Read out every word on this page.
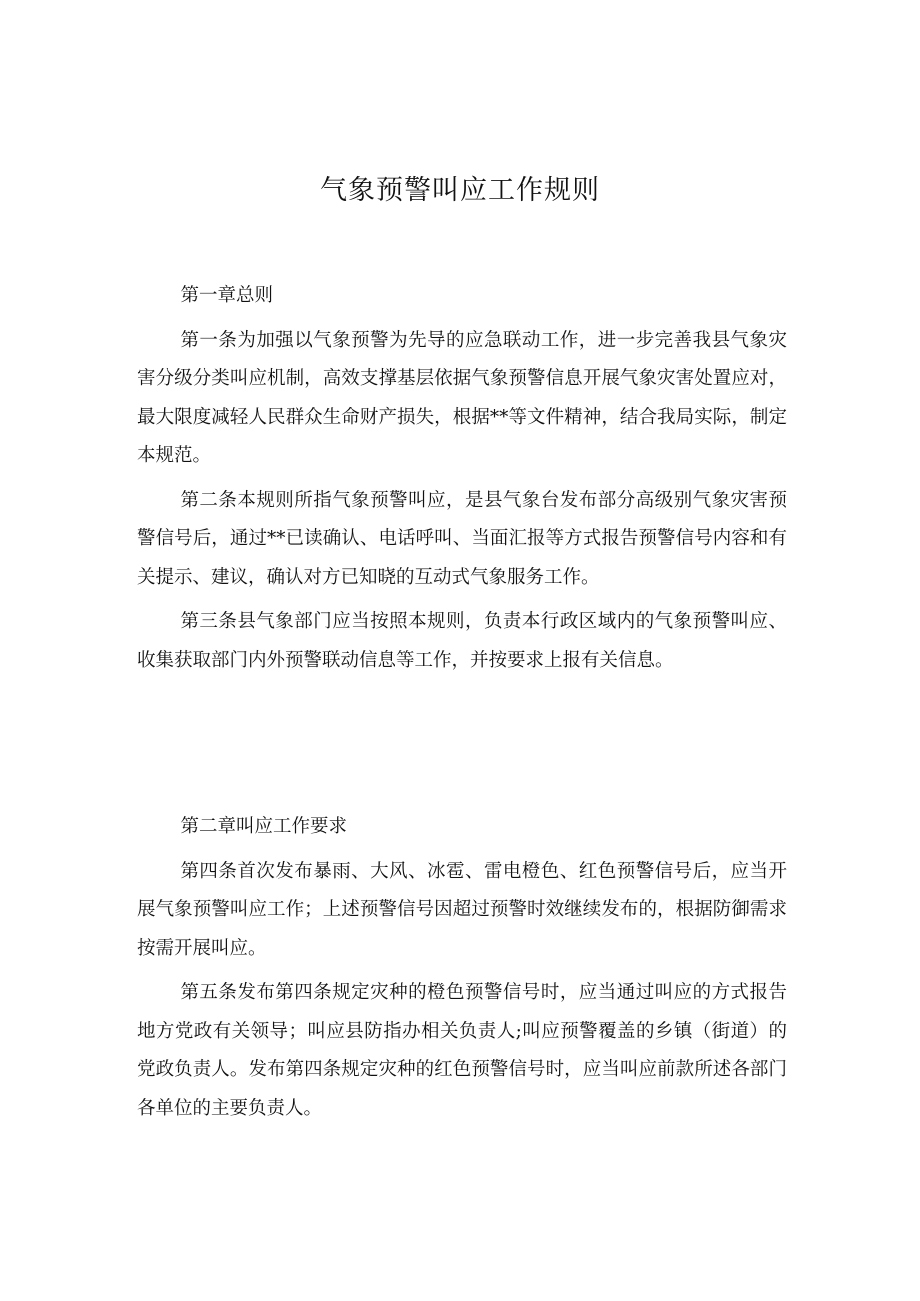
气象预警叫应工作规则

第一章总则

第一条为加强以气象预警为先导的应急联动工作，进一步完善我县气象灾害分级分类叫应机制，高效支撑基层依据气象预警信息开展气象灾害处置应对，最大限度减轻人民群众生命财产损失，根据**等文件精神，结合我局实际，制定本规范。

第二条本规则所指气象预警叫应，是县气象台发布部分高级别气象灾害预警信号后，通过**已读确认、电话呼叫、当面汇报等方式报告预警信号内容和有关提示、建议，确认对方已知晓的互动式气象服务工作。

第三条县气象部门应当按照本规则，负责本行政区域内的气象预警叫应、收集获取部门内外预警联动信息等工作，并按要求上报有关信息。

第二章叫应工作要求

第四条首次发布暴雨、大风、冰雹、雷电橙色、红色预警信号后，应当开展气象预警叫应工作；上述预警信号因超过预警时效继续发布的，根据防御需求按需开展叫应。

第五条发布第四条规定灾种的橙色预警信号时，应当通过叫应的方式报告地方党政有关领导；叫应县防指办相关负责人;叫应预警覆盖的乡镇（街道）的党政负责人。发布第四条规定灾种的红色预警信号时，应当叫应前款所述各部门各单位的主要负责人。
